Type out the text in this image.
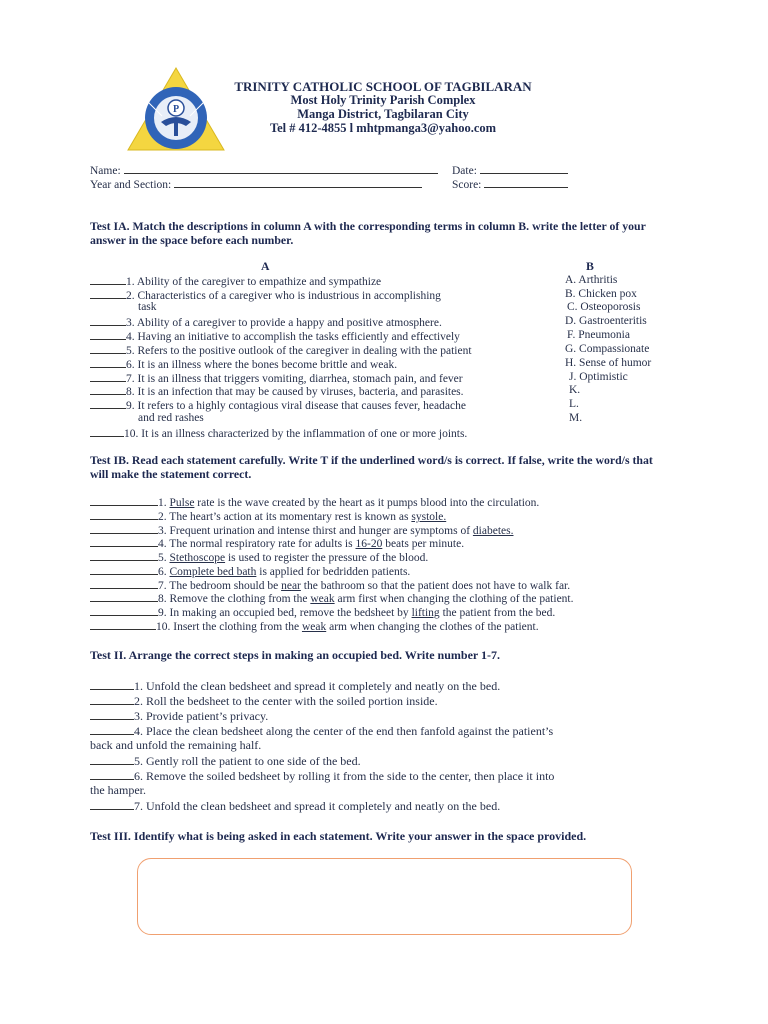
P
TRINITY CATHOLIC SCHOOL OF TAGBILARAN
Most Holy Trinity Parish Complex
Manga District, Tagbilaran City
Tel # 412-4855 l mhtpmanga3@yahoo.com
Name:	Date:
Year and Section:	Score:
Test IA. Match the descriptions in column A with the corresponding terms in column B. write the letter of your answer in the space before each number.
A	B
1. Ability of the caregiver to empathize and sympathize
2. Characteristics of a caregiver who is industrious in accomplishing
3. Ability of a caregiver to provide a happy and positive atmosphere.
4. Having an initiative to accomplish the tasks efficiently and effectively
5. Refers to the positive outlook of the caregiver in dealing with the patient
6. It is an illness where the bones become brittle and weak.
7. It is an illness that triggers vomiting, diarrhea, stomach pain, and fever
8. It is an infection that may be caused by viruses, bacteria, and parasites.
9. It refers to a highly contagious viral disease that causes fever, headache
10. It is an illness characterized by the inflammation of one or more joints.
task
and red rashes
A. Arthritis
B. Chicken pox
C. Osteoporosis
D. Gastroenteritis
F. Pneumonia
G. Compassionate
H. Sense of humor
J. Optimistic
K.
L.
M.
Test IB. Read each statement carefully. Write T if the underlined word/s is correct. If false, write the word/s that will make the statement correct.
1. Pulse rate is the wave created by the heart as it pumps blood into the circulation.
2. The heart’s action at its momentary rest is known as systole.
3. Frequent urination and intense thirst and hunger are symptoms of diabetes.
4. The normal respiratory rate for adults is 16-20 beats per minute.
5. Stethoscope is used to register the pressure of the blood.
6. Complete bed bath is applied for bedridden patients.
7. The bedroom should be near the bathroom so that the patient does not have to walk far.
8. Remove the clothing from the weak arm first when changing the clothing of the patient.
9. In making an occupied bed, remove the bedsheet by lifting the patient from the bed.
10. Insert the clothing from the weak arm when changing the clothes of the patient.
Test II. Arrange the correct steps in making an occupied bed. Write number 1-7.
1. Unfold the clean bedsheet and spread it completely and neatly on the bed.
2. Roll the bedsheet to the center with the soiled portion inside.
3. Provide patient’s privacy.
4. Place the clean bedsheet along the center of the end then fanfold against the patient’s
5. Gently roll the patient to one side of the bed.
6. Remove the soiled bedsheet by rolling it from the side to the center, then place it into
7. Unfold the clean bedsheet and spread it completely and neatly on the bed.
back and unfold the remaining half.
the hamper.
Test III. Identify what is being asked in each statement. Write your answer in the space provided.
